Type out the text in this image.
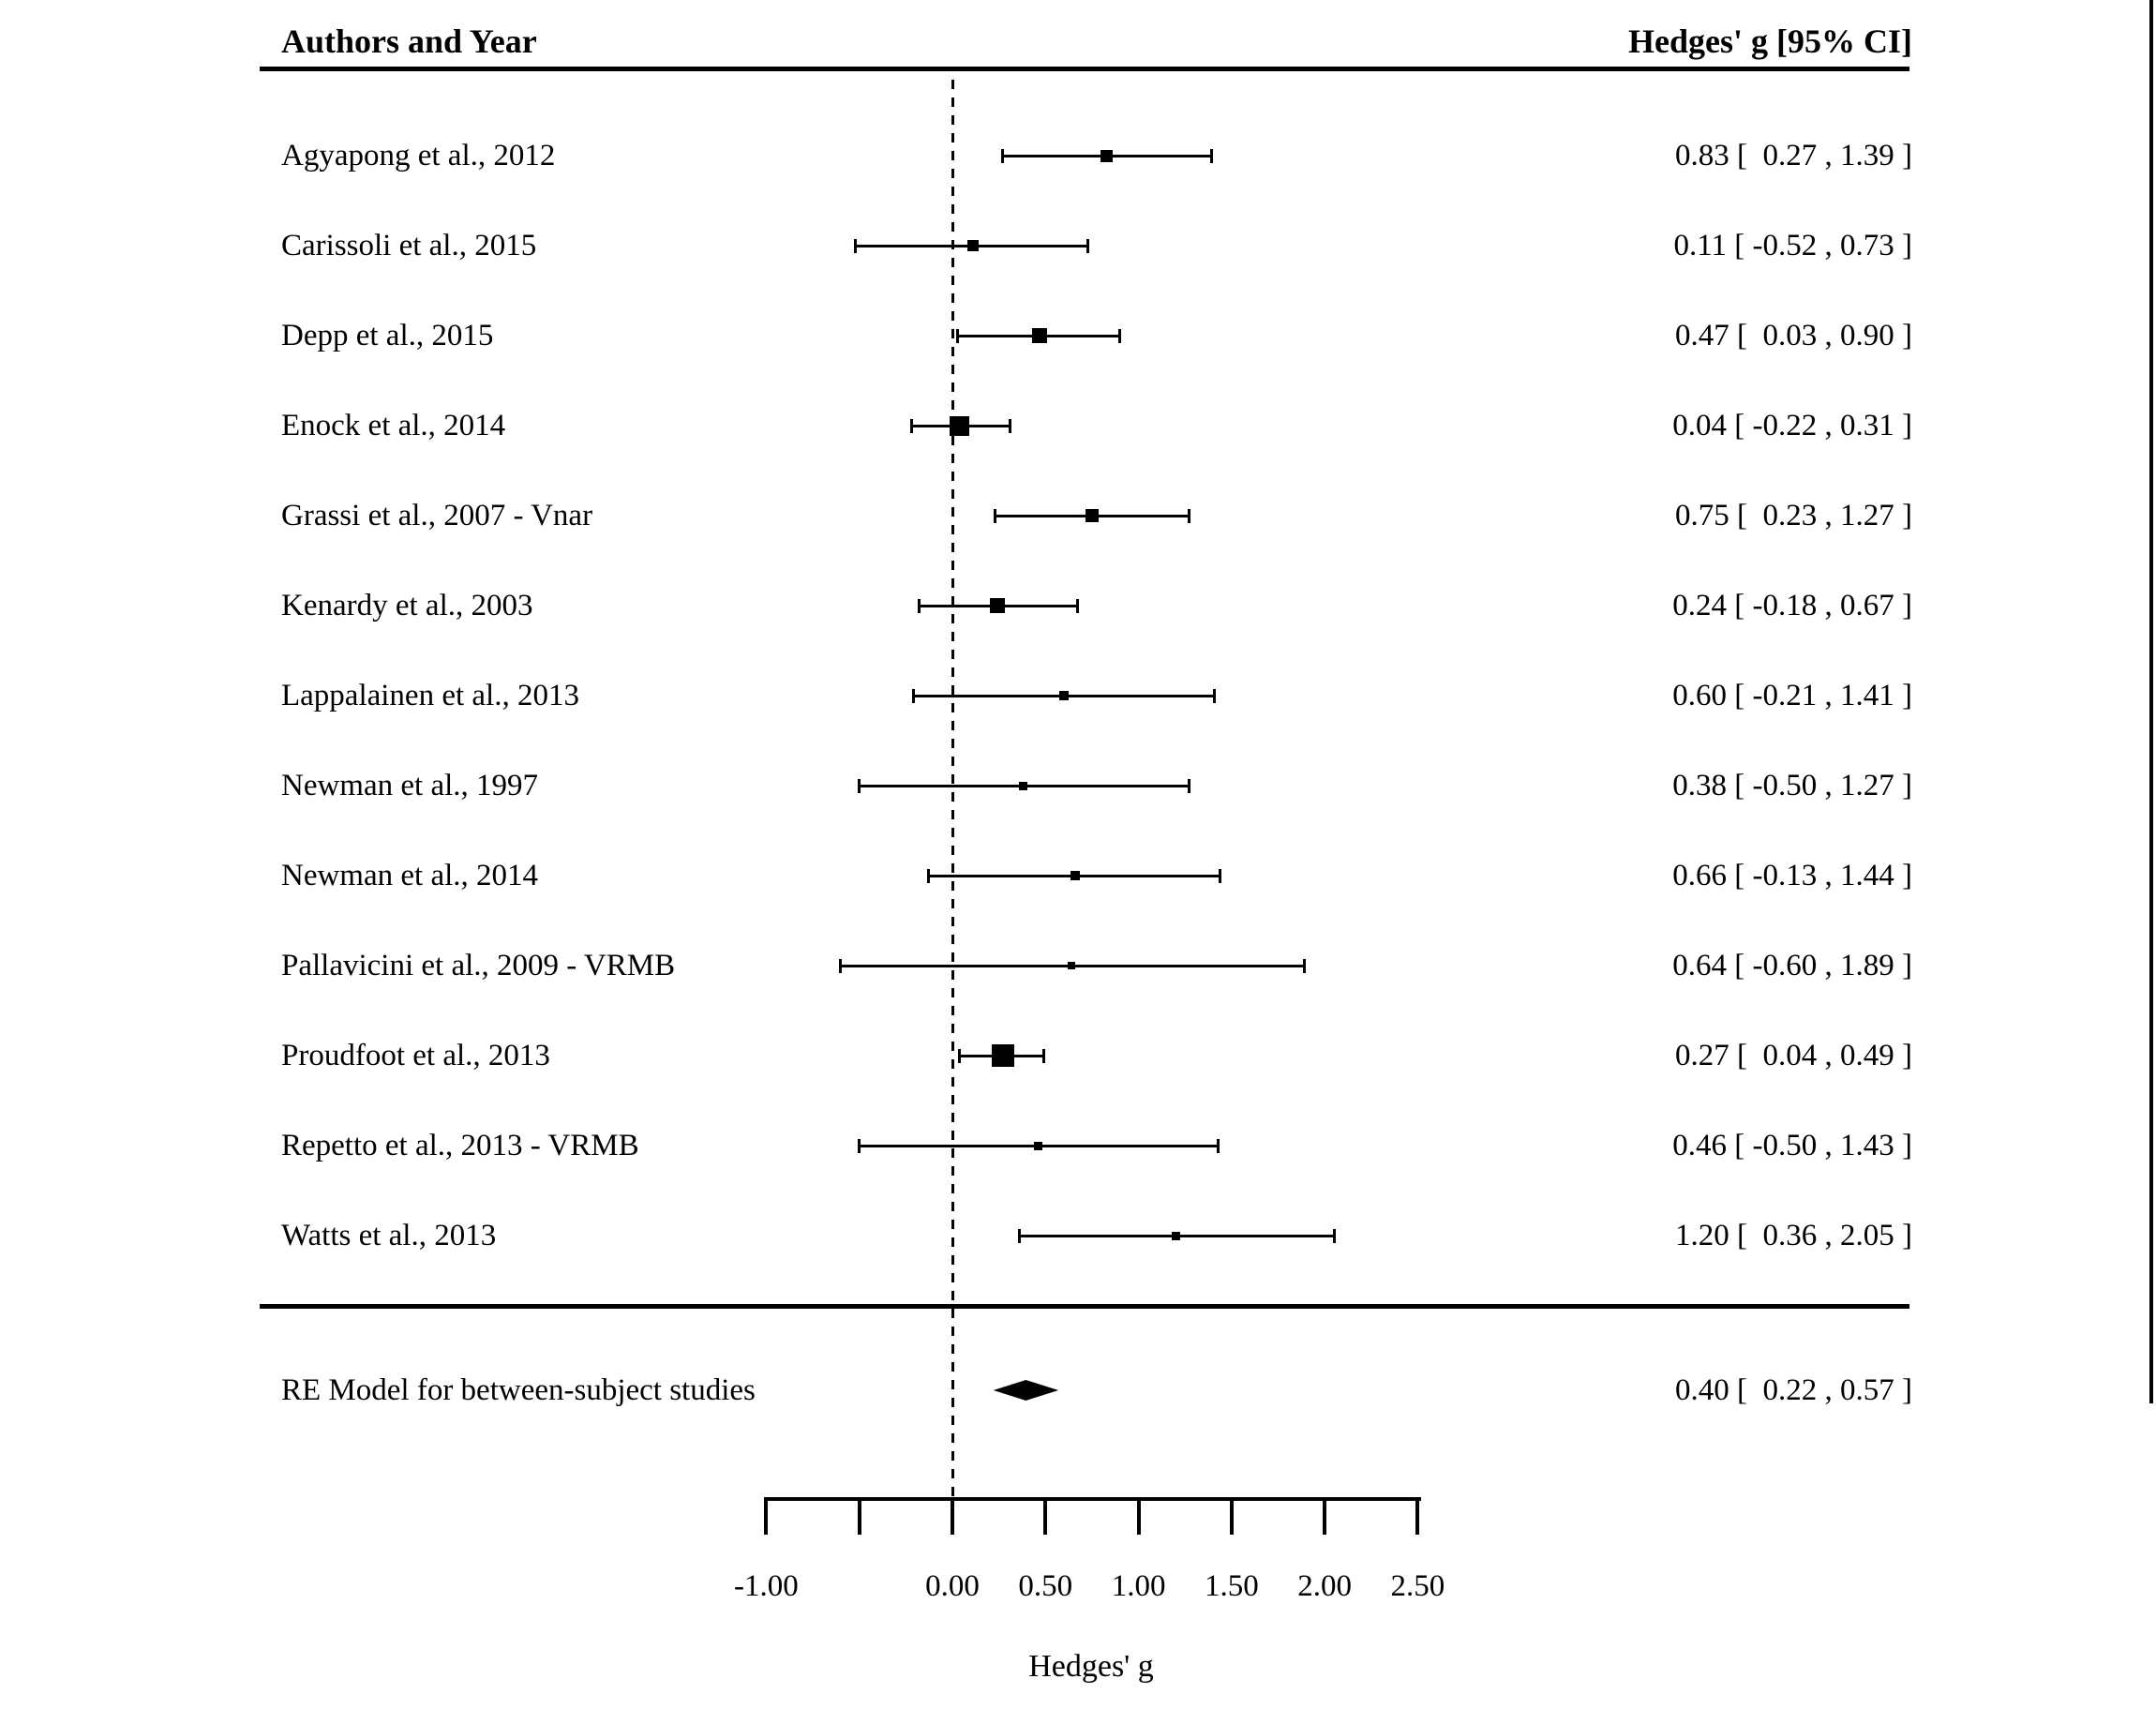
Authors and Year	Hedges' g [95% CI]
Agyapong et al., 2012	0.83 [  0.27 , 1.39 ]
Carissoli et al., 2015	0.11 [ -0.52 , 0.73 ]
Depp et al., 2015	0.47 [  0.03 , 0.90 ]
Enock et al., 2014	0.04 [ -0.22 , 0.31 ]
Grassi et al., 2007 - Vnar	0.75 [  0.23 , 1.27 ]
Kenardy et al., 2003	0.24 [ -0.18 , 0.67 ]
Lappalainen et al., 2013	0.60 [ -0.21 , 1.41 ]
Newman et al., 1997	0.38 [ -0.50 , 1.27 ]
Newman et al., 2014	0.66 [ -0.13 , 1.44 ]
Pallavicini et al., 2009 - VRMB	0.64 [ -0.60 , 1.89 ]
Proudfoot et al., 2013	0.27 [  0.04 , 0.49 ]
Repetto et al., 2013 - VRMB	0.46 [ -0.50 , 1.43 ]
Watts et al., 2013	1.20 [  0.36 , 2.05 ]
RE Model for between-subject studies	0.40 [  0.22 , 0.57 ]
-1.00	0.00	0.50	1.00	1.50	2.00	2.50
Hedges' g
